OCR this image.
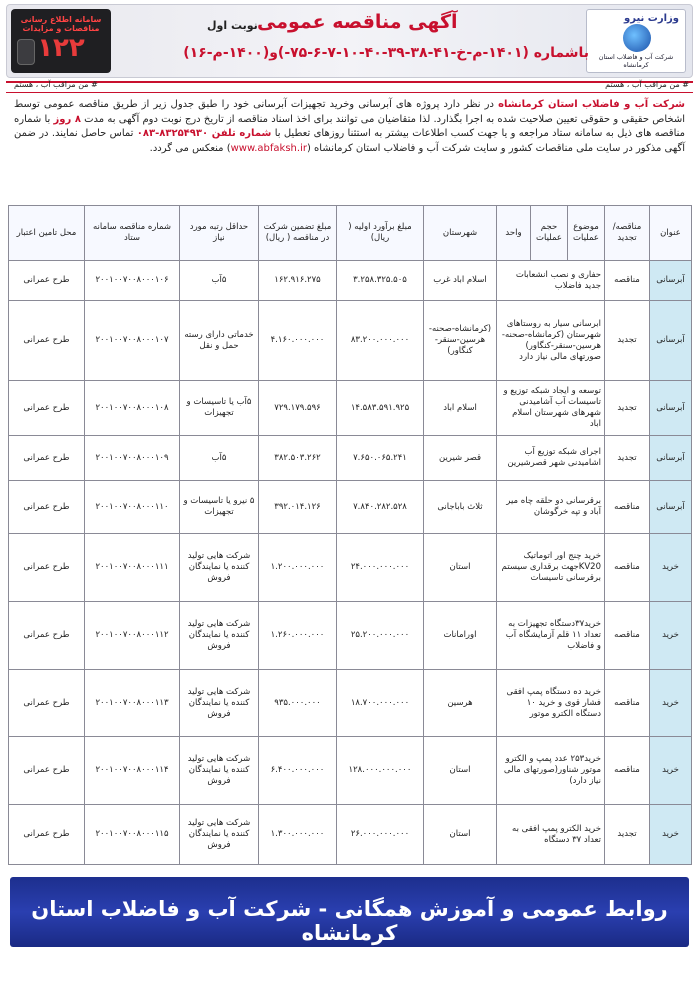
وزارت نیرو
شرکت آب و فاضلاب استان کرمانشاه
آگهی مناقصه عمومی
نوبت اول
باشماره (۱۴۰۱-م-خ-۴۱-۳۸-۳۹-۴۰-۱۰-۷-۶-۷۵-)و(۱۴۰۰-م-۱۶)
سامانه اطلاع رسانی مناقصات و مزایدات
۱۲۲
# من مراقب آب ، هستم
# من مراقب آب ، هستم

شرکت آب و فاضلاب استان کرمانشاه در نظر دارد پروژه های آبرسانی وخرید تجهیزات آبرسانی خود را طبق جدول زیر از طریق مناقصه عمومی توسط اشخاص حقیقی و حقوقی تعیین صلاحیت شده به اجرا بگذارد. لذا متقاضیان می توانند برای اخذ اسناد مناقصه از تاریخ درج نوبت دوم آگهی به مدت ۸ روز با شماره مناقصه های ذیل به سامانه ستاد مراجعه و یا جهت کسب اطلاعات بیشتر به استثنا روزهای تعطیل با شماره تلفن ۸۳۲۵۴۹۳۰-۰۸۳ تماس حاصل نمایند. در ضمن آگهی مذکور در سایت ملی مناقصات کشور و سایت شرکت آب و فاضلاب استان کرمانشاه (www.abfaksh.ir) منعکس می گردد.

عنوان	مناقصه/ تجدید	موضوع عملیات	حجم عملیات	واحد	شهرستان	مبلغ برآورد اولیه ( ریال)	مبلغ تضمین شرکت در مناقصه ( ریال)	حداقل رتبه مورد نیاز	شماره مناقصه سامانه ستاد	محل تامین اعتبار
آبرسانی	مناقصه	حفاری و نصب انشعابات جدید فاضلاب			اسلام اباد غرب	۳.۲۵۸.۳۲۵.۵۰۵	۱۶۲.۹۱۶.۲۷۵	۵آب	۲۰۰۱۰۰۷۰۰۸۰۰۰۱۰۶	طرح عمرانی
آبرسانی	تجدید	ابرسانی سیار به روستاهای شهرستان (کرمانشاه-صحنه-هرسین-سنقر-کنگاور) صورتهای مالی نیاز دارد			(کرمانشاه-صحنه-هرسین-سنقر-کنگاور)	۸۳.۲۰۰.۰۰۰.۰۰۰	۴.۱۶۰.۰۰۰.۰۰۰	خدماتی دارای رسته حمل و نقل	۲۰۰۱۰۰۷۰۰۸۰۰۰۱۰۷	طرح عمرانی
آبرسانی	تجدید	توسعه و ایجاد شبکه توزیع و تاسیسات آب آشامیدنی شهرهای شهرستان اسلام اباد			اسلام اباد	۱۴.۵۸۳.۵۹۱.۹۲۵	۷۲۹.۱۷۹.۵۹۶	۵آب یا تاسیسات و تجهیزات	۲۰۰۱۰۰۷۰۰۸۰۰۰۱۰۸	طرح عمرانی
آبرسانی	تجدید	اجرای شبکه توزیع آب اشامیدنی شهر قصرشیرین			قصر شیرین	۷.۶۵۰.۰۶۵.۲۴۱	۳۸۲.۵۰۳.۲۶۲	۵آب	۲۰۰۱۰۰۷۰۰۸۰۰۰۱۰۹	طرح عمرانی
آبرسانی	مناقصه	برقرسانی دو حلقه چاه میر آباد و تپه خرگوشان			ثلاث باباجانی	۷.۸۴۰.۲۸۲.۵۲۸	۳۹۲.۰۱۴.۱۲۶	۵ نیرو یا تاسیسات و تجهیزات	۲۰۰۱۰۰۷۰۰۸۰۰۰۱۱۰	طرح عمرانی
خرید	مناقصه	خرید چنج اور اتوماتیک KV20جهت برقداری سیستم برقرسانی تاسیسات			استان	۲۴.۰۰۰.۰۰۰.۰۰۰	۱.۲۰۰.۰۰۰.۰۰۰	شرکت هایی تولید کننده یا نمایندگان فروش	۲۰۰۱۰۰۷۰۰۸۰۰۰۱۱۱	طرح عمرانی
خرید	مناقصه	خرید۳۷دستگاه تجهیزات به تعداد ۱۱ قلم آزمایشگاه آب و فاضلاب			اورامانات	۲۵.۲۰۰.۰۰۰.۰۰۰	۱.۲۶۰.۰۰۰.۰۰۰	شرکت هایی تولید کننده یا نمایندگان فروش	۲۰۰۱۰۰۷۰۰۸۰۰۰۱۱۲	طرح عمرانی
خرید	مناقصه	خرید ده دستگاه پمپ افقی فشار قوی و خرید ۱۰ دستگاه الکترو موتور			هرسین	۱۸.۷۰۰.۰۰۰.۰۰۰	۹۳۵.۰۰۰.۰۰۰	شرکت هایی تولید کننده یا نمایندگان فروش	۲۰۰۱۰۰۷۰۰۸۰۰۰۱۱۳	طرح عمرانی
خرید	مناقصه	خرید۲۵۳ عدد پمپ و الکترو موتور شناور(صورتهای مالی نیاز دارد)			استان	۱۲۸.۰۰۰.۰۰۰.۰۰۰	۶.۴۰۰.۰۰۰.۰۰۰	شرکت هایی تولید کننده یا نمایندگان فروش	۲۰۰۱۰۰۷۰۰۸۰۰۰۱۱۴	طرح عمرانی
خرید	تجدید	خرید الکترو پمپ افقی به تعداد ۳۷ دستگاه			استان	۲۶.۰۰۰.۰۰۰.۰۰۰	۱.۳۰۰.۰۰۰.۰۰۰	شرکت هایی تولید کننده یا نمایندگان فروش	۲۰۰۱۰۰۷۰۰۸۰۰۰۱۱۵	طرح عمرانی
روابط عمومی و آموزش همگانی - شرکت آب و فاضلاب استان کرمانشاه
